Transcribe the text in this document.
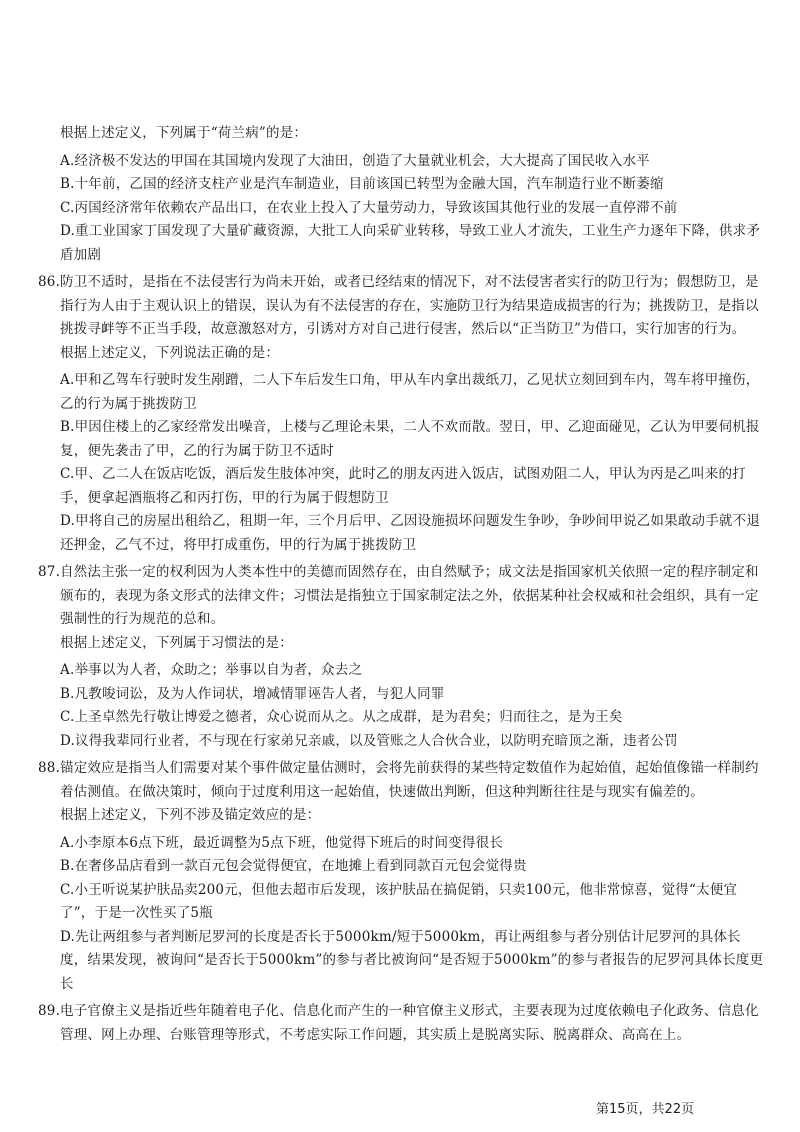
根据上述定义，下列属于“荷兰病”的是：
A.经济极不发达的甲国在其国境内发现了大油田，创造了大量就业机会，大大提高了国民收入水平
B.十年前，乙国的经济支柱产业是汽车制造业，目前该国已转型为金融大国，汽车制造行业不断萎缩
C.丙国经济常年依赖农产品出口，在农业上投入了大量劳动力，导致该国其他行业的发展一直停滞不前
D.重工业国家丁国发现了大量矿藏资源，大批工人向采矿业转移，导致工业人才流失，工业生产力逐年下降，供求矛盾加剧
86. 防卫不适时，是指在不法侵害行为尚未开始，或者已经结束的情况下，对不法侵害者实行的防卫行为；假想防卫，是指行为人由于主观认识上的错误，误认为有不法侵害的存在，实施防卫行为结果造成损害的行为；挑拨防卫，是指以挑拨寻衅等不正当手段，故意激怒对方，引诱对方对自己进行侵害，然后以“正当防卫”为借口，实行加害的行为。
根据上述定义，下列说法正确的是：
A.甲和乙驾车行驶时发生剐蹭，二人下车后发生口角，甲从车内拿出裁纸刀，乙见状立刻回到车内，驾车将甲撞伤，乙的行为属于挑拨防卫
B.甲因住楼上的乙家经常发出噪音，上楼与乙理论未果，二人不欢而散。翌日，甲、乙迎面碰见，乙认为甲要伺机报复，便先袭击了甲，乙的行为属于防卫不适时
C.甲、乙二人在饭店吃饭，酒后发生肢体冲突，此时乙的朋友丙进入饭店，试图劝阻二人，甲认为丙是乙叫来的打手，便拿起酒瓶将乙和丙打伤，甲的行为属于假想防卫
D.甲将自己的房屋出租给乙，租期一年，三个月后甲、乙因设施损坏问题发生争吵，争吵间甲说乙如果敢动手就不退还押金，乙气不过，将甲打成重伤，甲的行为属于挑拨防卫
87. 自然法主张一定的权利因为人类本性中的美德而固然存在，由自然赋予；成文法是指国家机关依照一定的程序制定和颁布的，表现为条文形式的法律文件；习惯法是指独立于国家制定法之外，依据某种社会权威和社会组织，具有一定强制性的行为规范的总和。
根据上述定义，下列属于习惯法的是：
A.举事以为人者，众助之；举事以自为者，众去之
B.凡教唆词讼，及为人作词状，增减情罪诬告人者，与犯人同罪
C.上圣卓然先行敬让博爱之德者，众心说而从之。从之成群，是为君矣；归而往之，是为王矣
D.议得我辈同行业者，不与现在行家弟兄亲戚，以及管账之人合伙合业，以防明充暗顶之渐，违者公罚
88. 锚定效应是指当人们需要对某个事件做定量估测时，会将先前获得的某些特定数值作为起始值，起始值像锚一样制约着估测值。在做决策时，倾向于过度利用这一起始值，快速做出判断，但这种判断往往是与现实有偏差的。
根据上述定义，下列不涉及锚定效应的是：
A.小李原本6点下班，最近调整为5点下班，他觉得下班后的时间变得很长
B.在奢侈品店看到一款百元包会觉得便宜，在地摊上看到同款百元包会觉得贵
C.小王听说某护肤品卖200元，但他去超市后发现，该护肤品在搞促销，只卖100元，他非常惊喜，觉得“太便宜了”，于是一次性买了5瓶
D.先让两组参与者判断尼罗河的长度是否长于5000km/短于5000km，再让两组参与者分别估计尼罗河的具体长度，结果发现，被询问“是否长于5000km”的参与者比被询问“是否短于5000km”的参与者报告的尼罗河具体长度更长
89. 电子官僚主义是指近些年随着电子化、信息化而产生的一种官僚主义形式，主要表现为过度依赖电子化政务、信息化管理、网上办理、台账管理等形式，不考虑实际工作问题，其实质上是脱离实际、脱离群众、高高在上。
第15页，共22页
